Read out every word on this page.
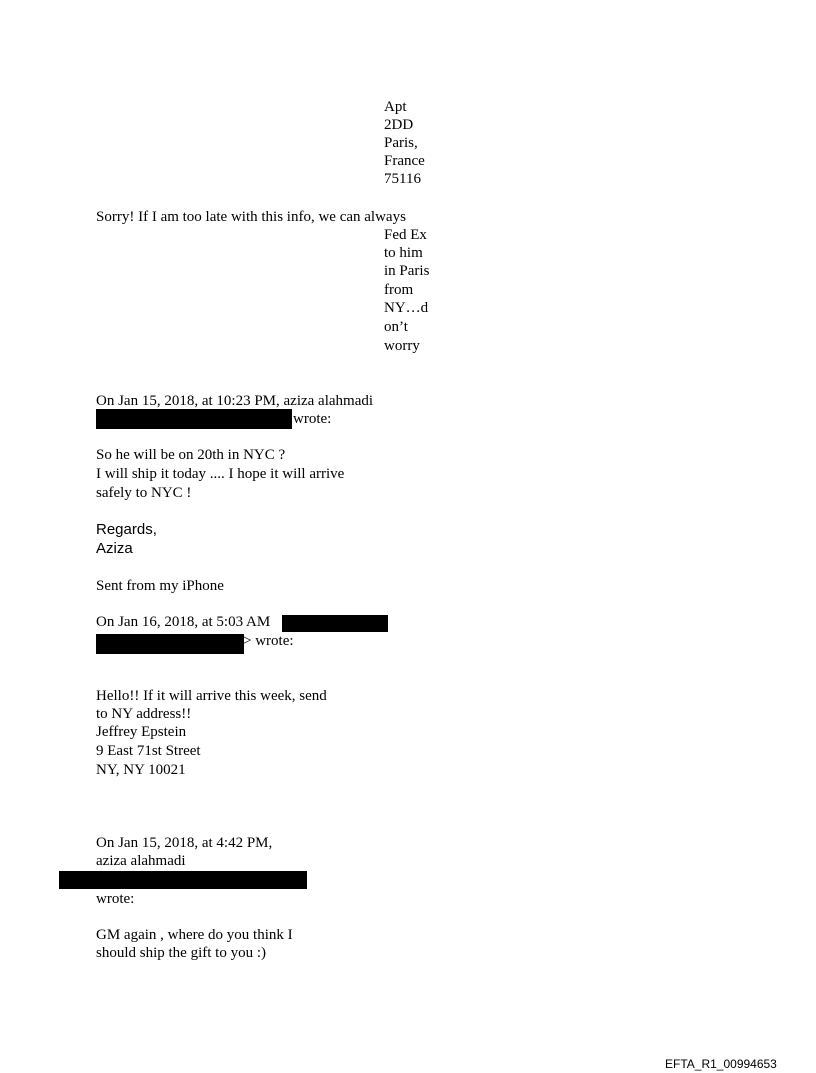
Apt
2DD
Paris,
France
75116
Sorry! If I am too late with this info, we can always
Fed Ex
to him
in Paris
from
NY…d
on’t
worry
On Jan 15, 2018, at 10:23 PM, aziza alahmadi
wrote:
So he will be on 20th in NYC ?
I will ship it today .... I hope it will arrive
safely to NYC !
Regards,
Aziza
Sent from my iPhone
On Jan 16, 2018, at 5:03 AM
> wrote:
Hello!! If it will arrive this week, send
to NY address!!
Jeffrey Epstein
9 East 71st Street
NY, NY 10021
On Jan 15, 2018, at 4:42 PM,
aziza alahmadi
wrote:
GM again , where do you think I
should ship the gift to you :)
EFTA_R1_00994653
